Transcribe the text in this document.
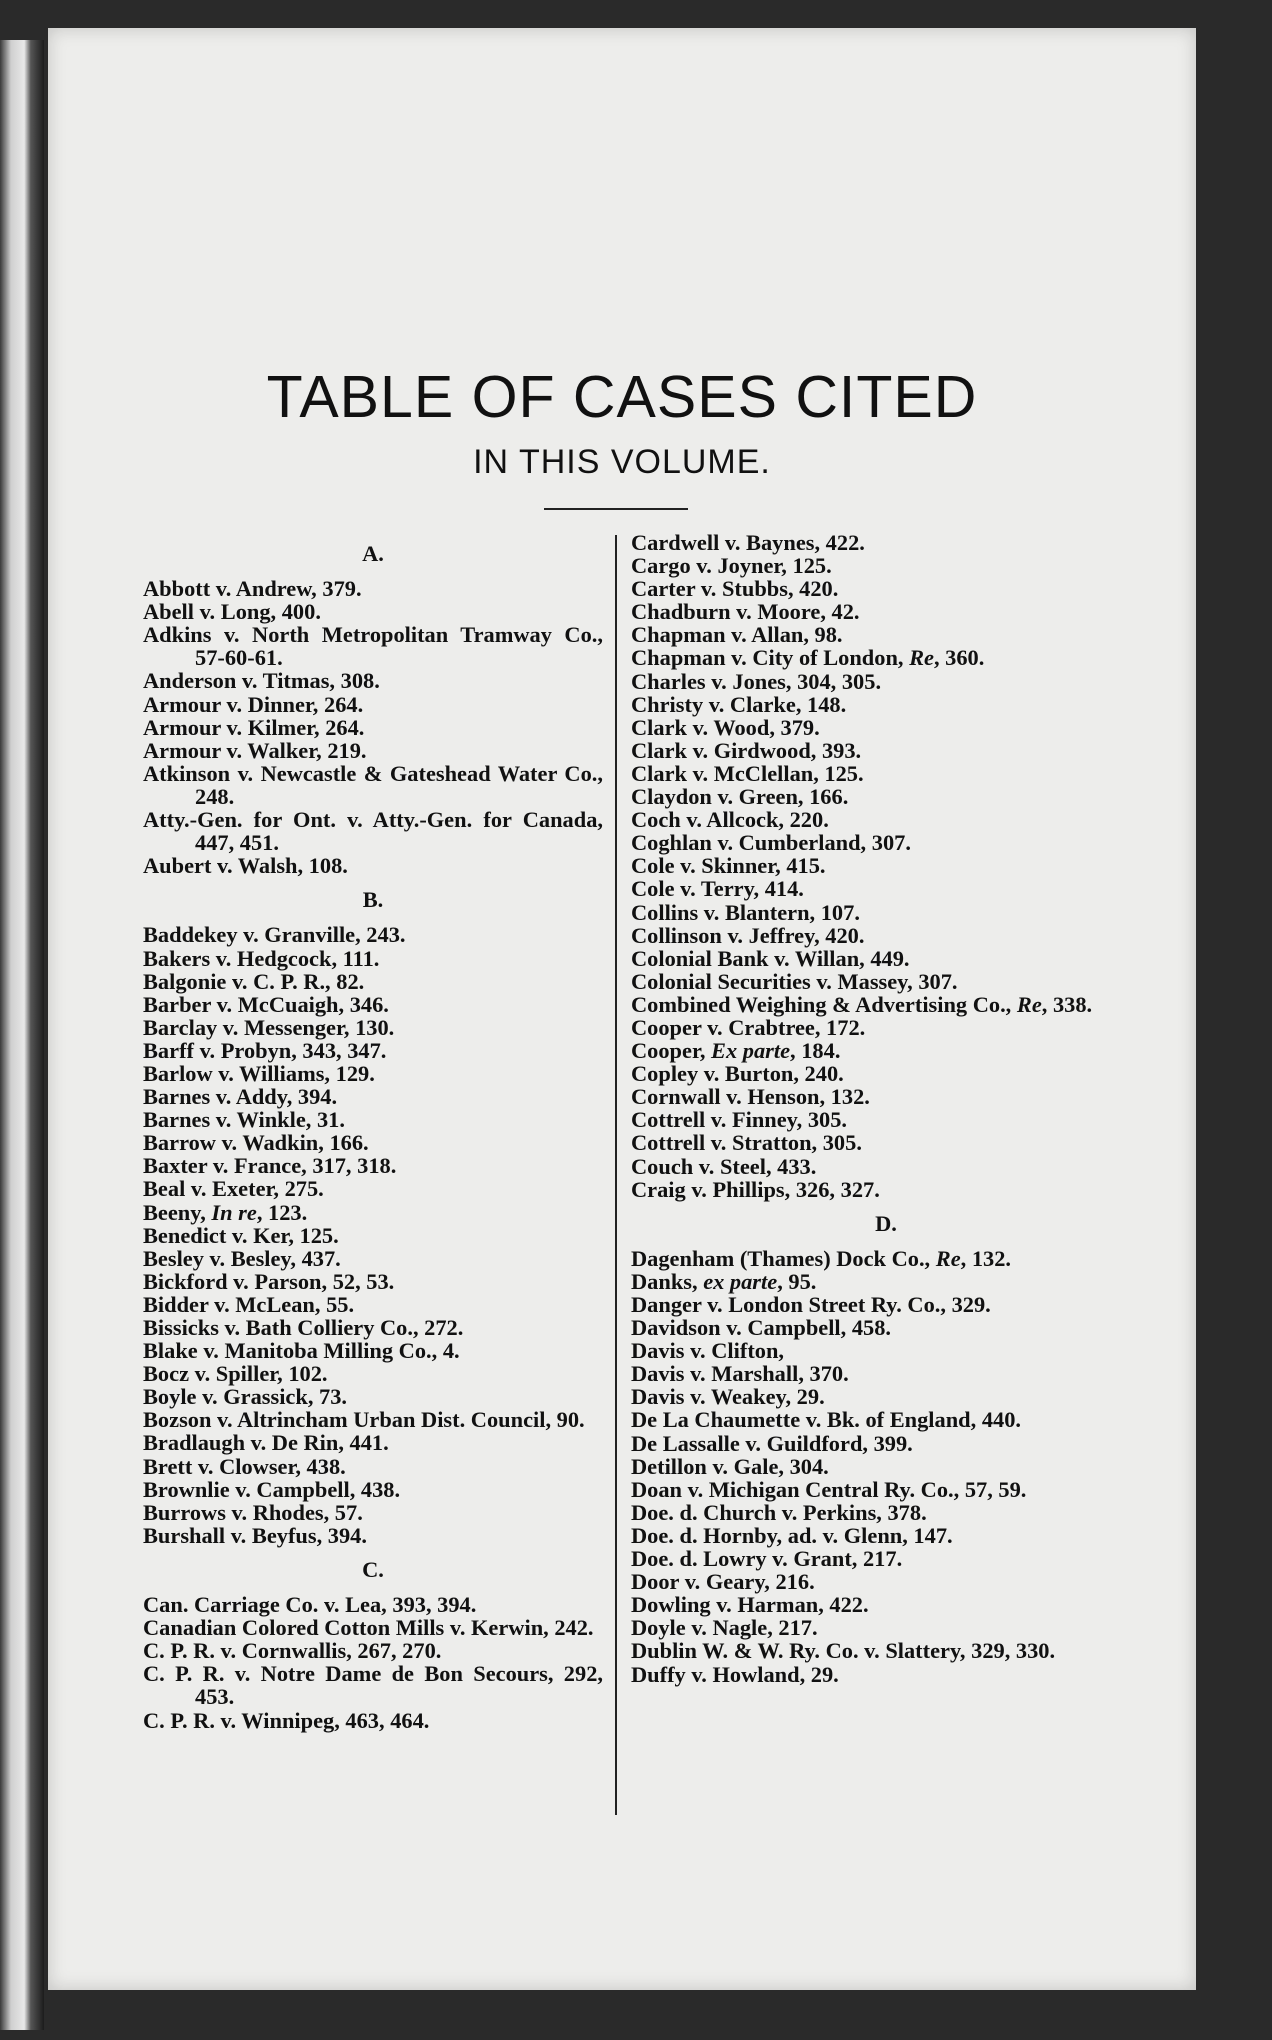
TABLE OF CASES CITED
IN THIS VOLUME.
A.
Abbott v. Andrew, 379.
Abell v. Long, 400.
Adkins v. North Metropolitan Tramway Co., 57-60-61.
Anderson v. Titmas, 308.
Armour v. Dinner, 264.
Armour v. Kilmer, 264.
Armour v. Walker, 219.
Atkinson v. Newcastle & Gateshead Water Co., 248.
Atty.-Gen. for Ont. v. Atty.-Gen. for Canada, 447, 451.
Aubert v. Walsh, 108.
B.
Baddekey v. Granville, 243.
Bakers v. Hedgcock, 111.
Balgonie v. C. P. R., 82.
Barber v. McCuaigh, 346.
Barclay v. Messenger, 130.
Barff v. Probyn, 343, 347.
Barlow v. Williams, 129.
Barnes v. Addy, 394.
Barnes v. Winkle, 31.
Barrow v. Wadkin, 166.
Baxter v. France, 317, 318.
Beal v. Exeter, 275.
Beeny, In re, 123.
Benedict v. Ker, 125.
Besley v. Besley, 437.
Bickford v. Parson, 52, 53.
Bidder v. McLean, 55.
Bissicks v. Bath Colliery Co., 272.
Blake v. Manitoba Milling Co., 4.
Bocz v. Spiller, 102.
Boyle v. Grassick, 73.
Bozson v. Altrincham Urban Dist. Council, 90.
Bradlaugh v. De Rin, 441.
Brett v. Clowser, 438.
Brownlie v. Campbell, 438.
Burrows v. Rhodes, 57.
Burshall v. Beyfus, 394.
C.
Can. Carriage Co. v. Lea, 393, 394.
Canadian Colored Cotton Mills v. Kerwin, 242.
C. P. R. v. Cornwallis, 267, 270.
C. P. R. v. Notre Dame de Bon Secours, 292, 453.
C. P. R. v. Winnipeg, 463, 464.
Cardwell v. Baynes, 422.
Cargo v. Joyner, 125.
Carter v. Stubbs, 420.
Chadburn v. Moore, 42.
Chapman v. Allan, 98.
Chapman v. City of London, Re, 360.
Charles v. Jones, 304, 305.
Christy v. Clarke, 148.
Clark v. Wood, 379.
Clark v. Girdwood, 393.
Clark v. McClellan, 125.
Claydon v. Green, 166.
Coch v. Allcock, 220.
Coghlan v. Cumberland, 307.
Cole v. Skinner, 415.
Cole v. Terry, 414.
Collins v. Blantern, 107.
Collinson v. Jeffrey, 420.
Colonial Bank v. Willan, 449.
Colonial Securities v. Massey, 307.
Combined Weighing & Advertising Co., Re, 338.
Cooper v. Crabtree, 172.
Cooper, Ex parte, 184.
Copley v. Burton, 240.
Cornwall v. Henson, 132.
Cottrell v. Finney, 305.
Cottrell v. Stratton, 305.
Couch v. Steel, 433.
Craig v. Phillips, 326, 327.
D.
Dagenham (Thames) Dock Co., Re, 132.
Danks, ex parte, 95.
Danger v. London Street Ry. Co., 329.
Davidson v. Campbell, 458.
Davis v. Clifton,
Davis v. Marshall, 370.
Davis v. Weakey, 29.
De La Chaumette v. Bk. of England, 440.
De Lassalle v. Guildford, 399.
Detillon v. Gale, 304.
Doan v. Michigan Central Ry. Co., 57, 59.
Doe. d. Church v. Perkins, 378.
Doe. d. Hornby, ad. v. Glenn, 147.
Doe. d. Lowry v. Grant, 217.
Door v. Geary, 216.
Dowling v. Harman, 422.
Doyle v. Nagle, 217.
Dublin W. & W. Ry. Co. v. Slattery, 329, 330.
Duffy v. Howland, 29.
